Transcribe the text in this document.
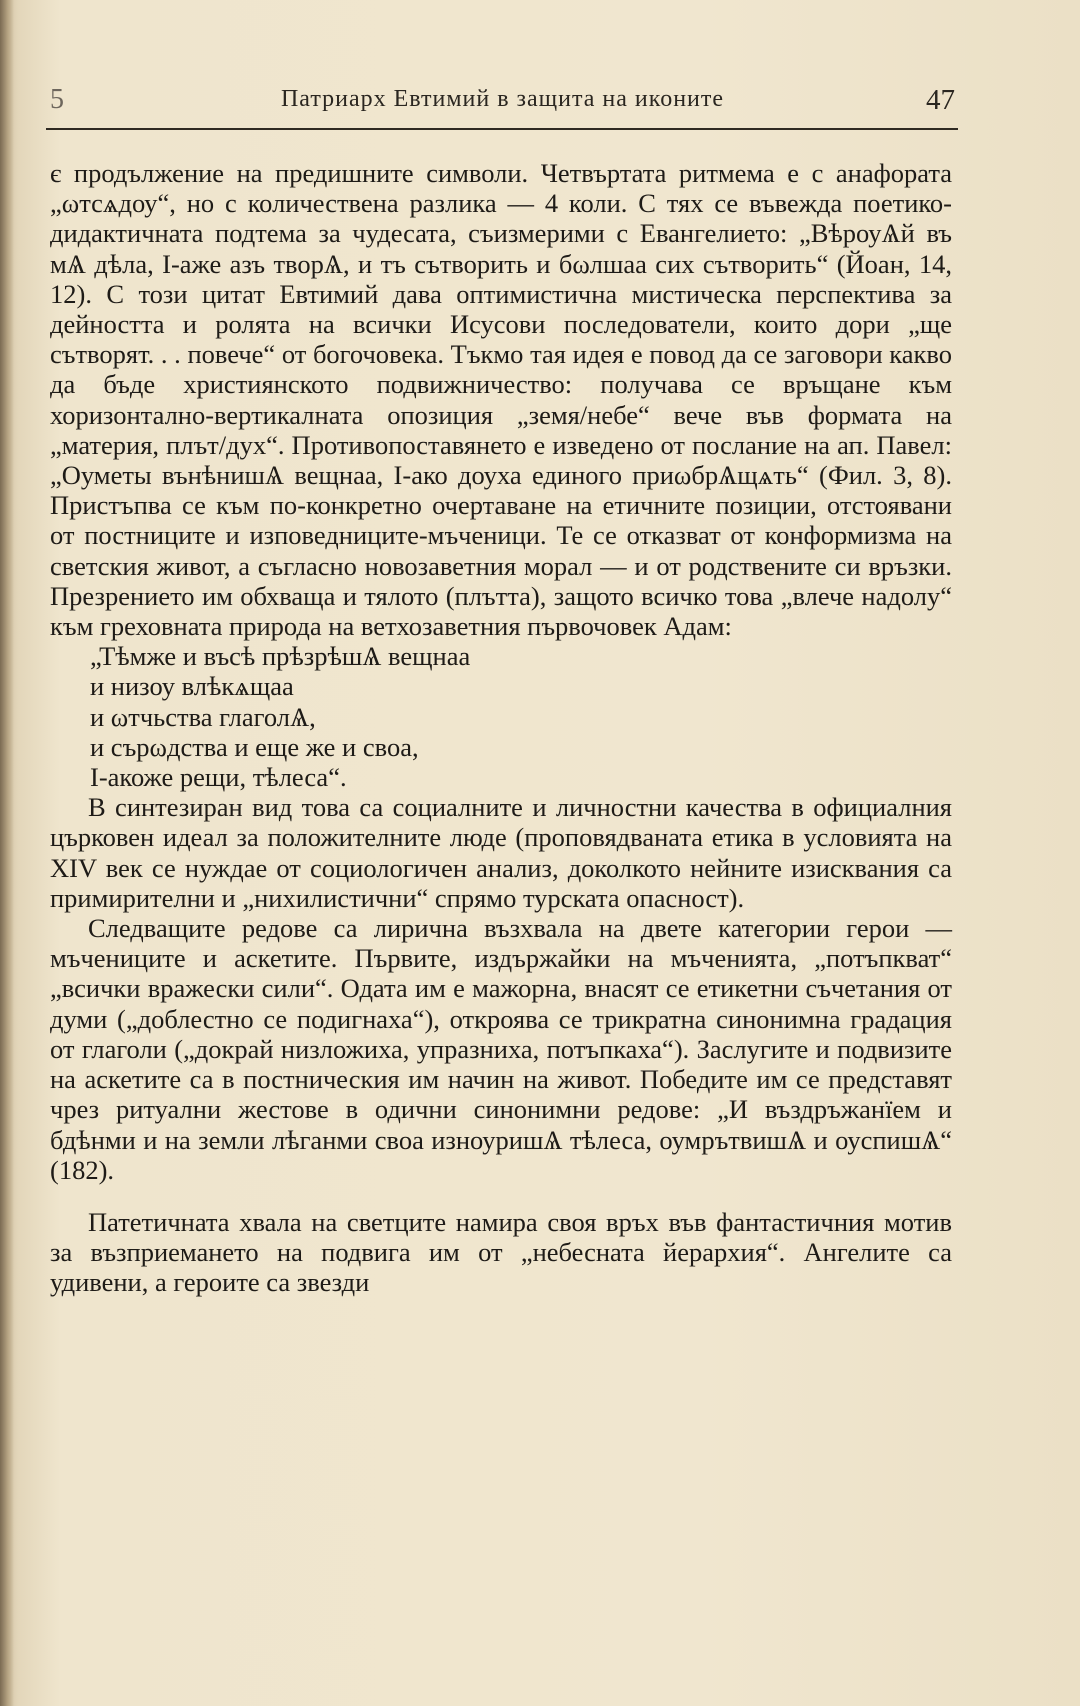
5	Патриарх Евтимий в защита на иконите	47

є продължение на предишните символи. Четвъртата ритмема е с анафората „ωтсѧдоу“, но с количествена разлика — 4 коли. С тях се въвежда поетико-дидактичната подтема за чудесата, съизмерими с Евангелието: „ВѣроуѦй въ мѦ дѣла, І-аже азъ творѦ, и тъ сътворить и бωлшаа сих сътворить“ (Йоан, 14, 12). С този цитат Евтимий дава оптимистична мистическа перспектива за дейността и ролята на всички Исусови последователи, които дори „ще сътворят. . . повече“ от богочовека. Тъкмо тая идея е повод да се заговори какво да бъде християнското подвижничество: получава се връщане към хоризонтално-вертикалната опозиция „земя/небе“ вече във формата на „материя, плът/дух“. Противопоставянето е изведено от послание на ап. Павел: „Оуметы вънѣнишѦ вещнаа, І-ако доуха единого приωбрѦщѧть“ (Фил. 3, 8). Пристъпва се към по-конкретно очертаване на етичните позиции, отстоявани от постниците и изповедниците-мъченици. Те се отказват от конформизма на светския живот, а съгласно новозаветния морал — и от родствените си връзки. Презрението им обхваща и тялото (плътта), защото всичко това „влече надолу“ към греховната природа на ветхозаветния първочовек Адам:

„Тѣмже и въсѣ прѣзрѣшѦ вещнаа
и низоу влѣкѧщаа
и ωтчьства глаголѦ,
и сърωдства и еще же и своа,
І-акоже рещи, тѣлеса“.

В синтезиран вид това са социалните и личностни качества в официалния църковен идеал за положителните люде (проповядваната етика в условията на XIV век се нуждае от социологичен анализ, доколкото нейните изисквания са примирителни и „нихилистични“ спрямо турската опасност).

Следващите редове са лирична възхвала на двете категории герои — мъчениците и аскетите. Първите, издържайки на мъченията, „потъпкват“ „всички вражески сили“. Одата им е мажорна, внасят се етикетни съчетания от думи („доблестно се подигнаха“), откроява се трикратна синонимна градация от глаголи („докрай низложиха, упразниха, потъпкаха“). Заслугите и подвизите на аскетите са в постническия им начин на живот. Победите им се представят чрез ритуални жестове в одични синонимни редове: „И въздръжанїем и бдѣнми и на земли лѣганми своа изноуришѦ тѣлеса, оумрътвишѦ и оуспишѦ“ (182).

Патетичната хвала на светците намира своя връх във фантастичния мотив за възприемането на подвига им от „небесната йерархия“. Ангелите са удивени, а героите са звезди
